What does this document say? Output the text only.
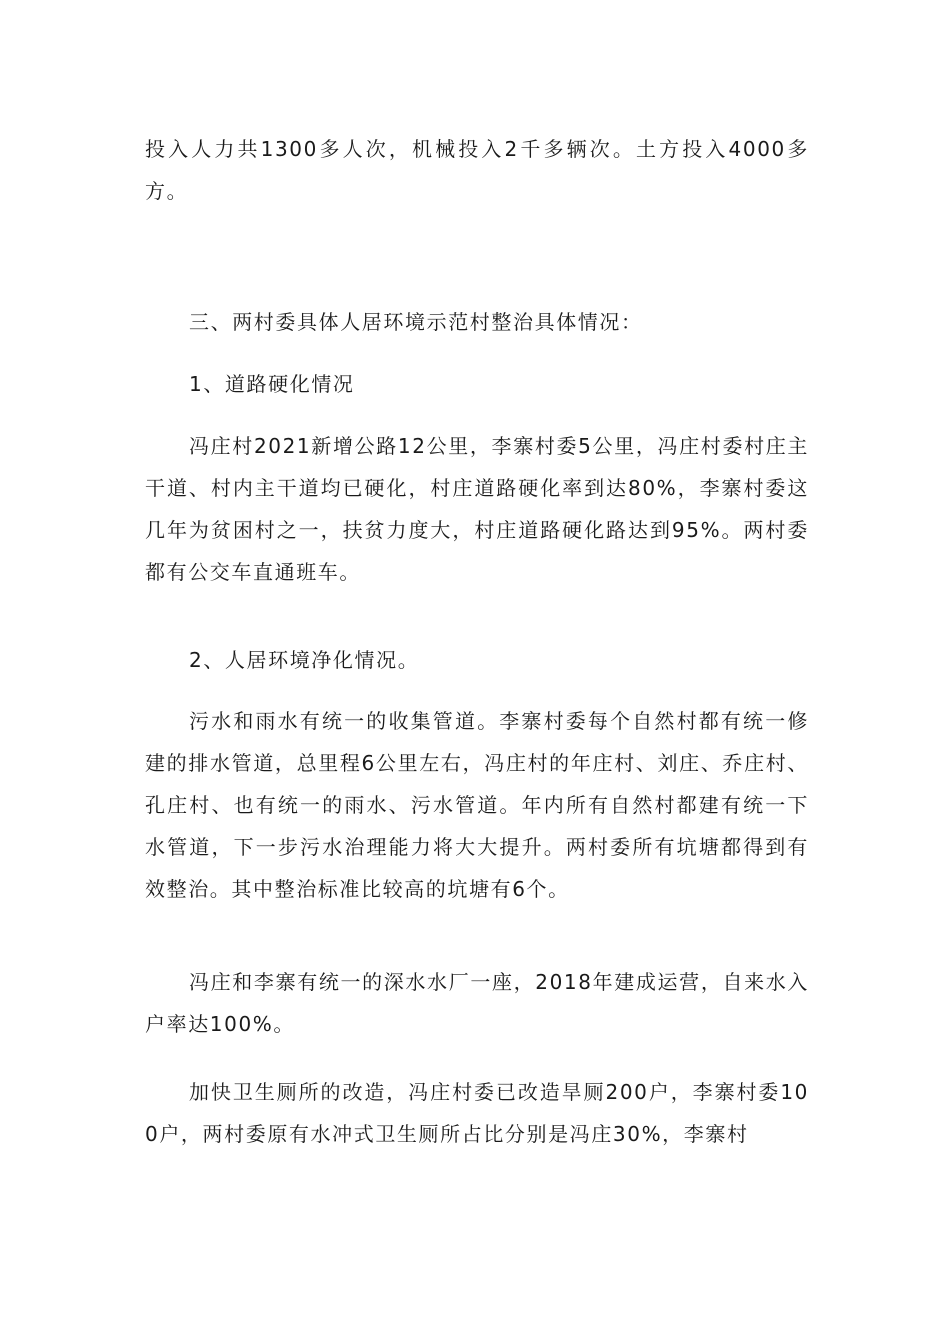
投入人力共1300多人次，机械投入2千多辆次。土方投入4000多方。

三、两村委具体人居环境示范村整治具体情况：

1、道路硬化情况

冯庄村2021新增公路12公里，李寨村委5公里，冯庄村委村庄主干道、村内主干道均已硬化，村庄道路硬化率到达80%，李寨村委这几年为贫困村之一，扶贫力度大，村庄道路硬化路达到95%。两村委都有公交车直通班车。

2、人居环境净化情况。

污水和雨水有统一的收集管道。李寨村委每个自然村都有统一修建的排水管道，总里程6公里左右，冯庄村的年庄村、刘庄、乔庄村、孔庄村、也有统一的雨水、污水管道。年内所有自然村都建有统一下水管道，下一步污水治理能力将大大提升。两村委所有坑塘都得到有效整治。其中整治标准比较高的坑塘有6个。

冯庄和李寨有统一的深水水厂一座，2018年建成运营，自来水入户率达100%。

加快卫生厕所的改造，冯庄村委已改造旱厕200户，李寨村委100户，两村委原有水冲式卫生厕所占比分别是冯庄30%，李寨村
